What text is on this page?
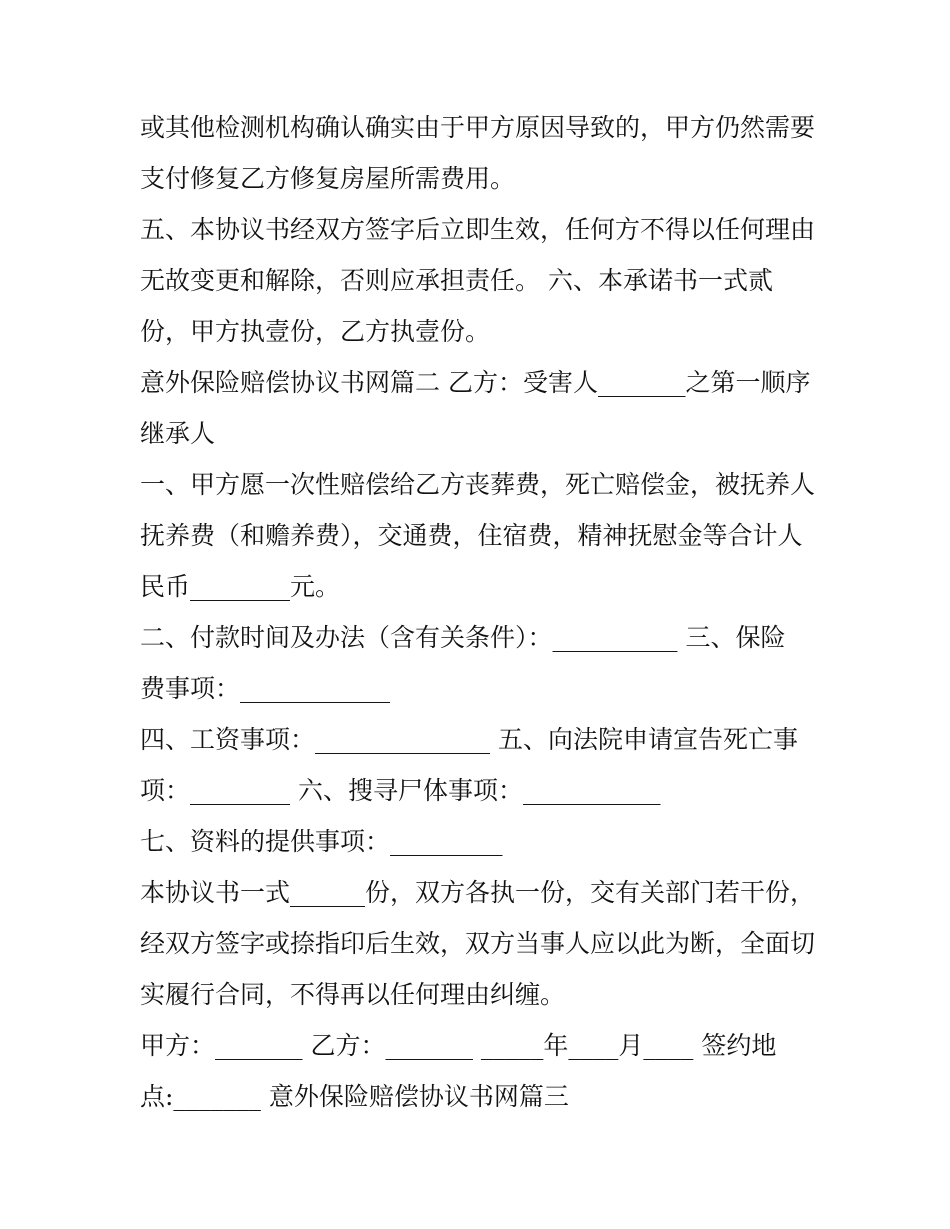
或其他检测机构确认确实由于甲方原因导致的，甲方仍然需要
支付修复乙方修复房屋所需费用。
五、本协议书经双方签字后立即生效，任何方不得以任何理由
无故变更和解除，否则应承担责任。 六、本承诺书一式贰
份，甲方执壹份，乙方执壹份。
意外保险赔偿协议书网篇二 乙方：受害人_______之第一顺序
继承人
一、甲方愿一次性赔偿给乙方丧葬费，死亡赔偿金，被抚养人
抚养费（和赡养费），交通费，住宿费，精神抚慰金等合计人
民币________元。
二、付款时间及办法（含有关条件）：__________ 三、保险
费事项：____________
四、工资事项：______________ 五、向法院申请宣告死亡事
项：________ 六、搜寻尸体事项：___________
七、资料的提供事项：_________
本协议书一式______份，双方各执一份，交有关部门若干份，
经双方签字或捺指印后生效，双方当事人应以此为断，全面切
实履行合同，不得再以任何理由纠缠。
甲方：_______ 乙方：_______ _____年____月____ 签约地
点:_______ 意外保险赔偿协议书网篇三
